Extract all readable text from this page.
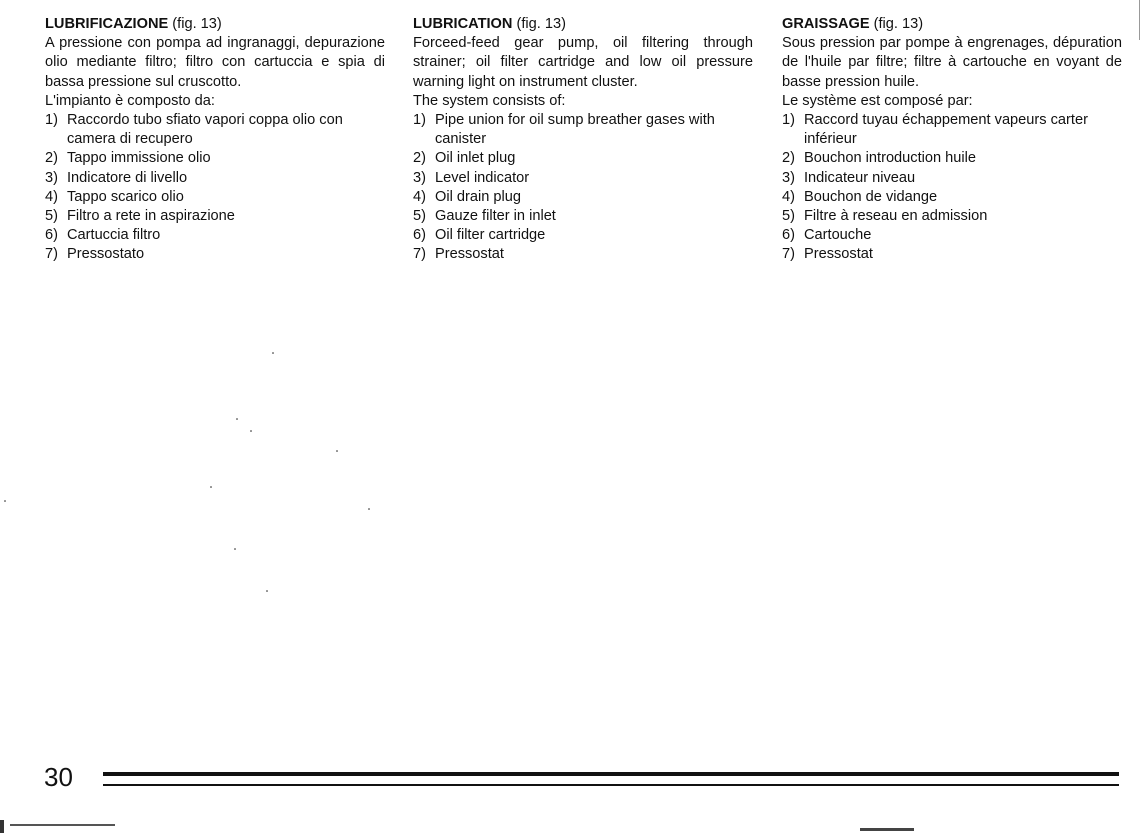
LUBRIFICAZIONE (fig. 13)

A pressione con pompa ad ingranaggi, depurazione olio mediante filtro; filtro con cartuccia e spia di bassa pressione sul cruscotto.

L'impianto è composto da:

1) Raccordo tubo sfiato vapori coppa olio con camera di recupero
2) Tappo immissione olio
3) Indicatore di livello
4) Tappo scarico olio
5) Filtro a rete in aspirazione
6) Cartuccia filtro
7) Pressostato

LUBRICATION (fig. 13)

Forceed-feed gear pump, oil filtering through strainer; oil filter cartridge and low oil pressure warning light on instrument cluster.

The system consists of:

1) Pipe union for oil sump breather gases with canister
2) Oil inlet plug
3) Level indicator
4) Oil drain plug
5) Gauze filter in inlet
6) Oil filter cartridge
7) Pressostat

GRAISSAGE (fig. 13)

Sous pression par pompe à engrenages, dépuration de l'huile par filtre; filtre à cartouche en voyant de basse pression huile.

Le système est composé par:

1) Raccord tuyau échappement vapeurs carter inférieur
2) Bouchon introduction huile
3) Indicateur niveau
4) Bouchon de vidange
5) Filtre à reseau en admission
6) Cartouche
7) Pressostat
30
